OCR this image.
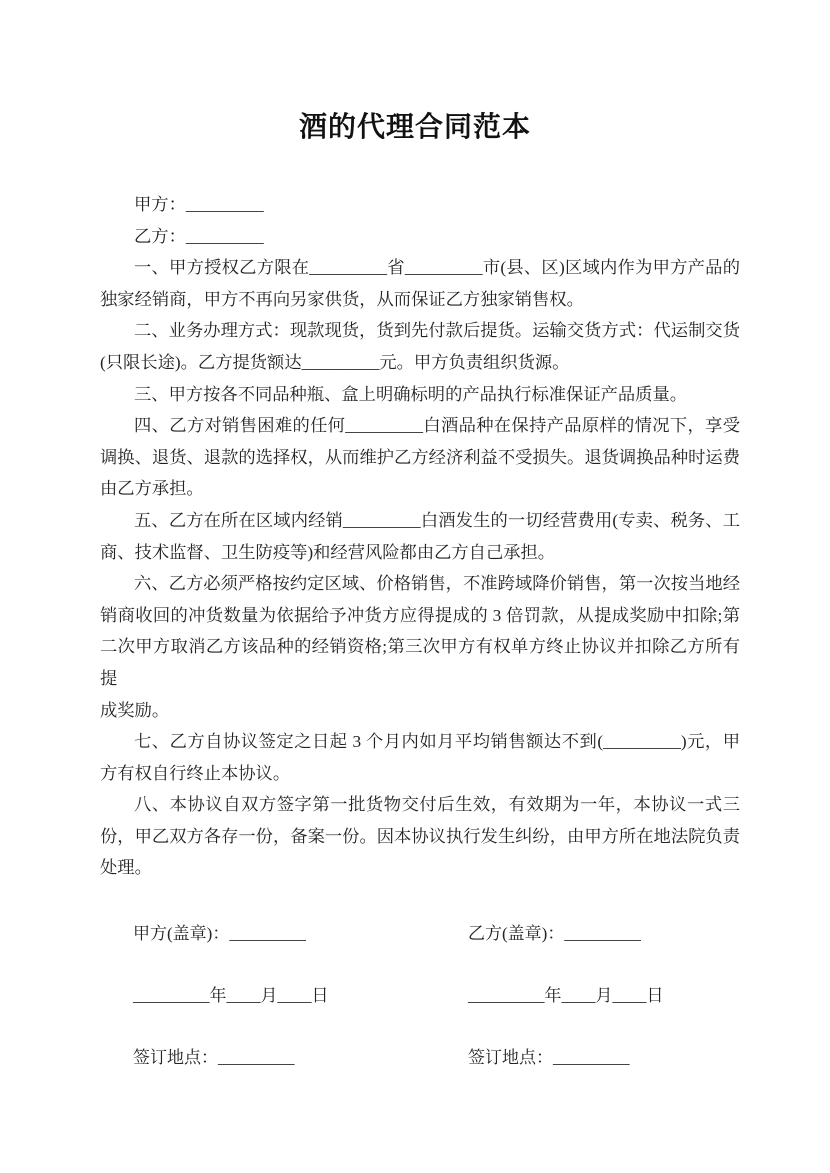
酒的代理合同范本
甲方：_________
乙方：_________
一、甲方授权乙方限在_________省_________市(县、区)区域内作为甲方产品的
独家经销商，甲方不再向另家供货，从而保证乙方独家销售权。
二、业务办理方式：现款现货，货到先付款后提货。运输交货方式：代运制交货
(只限长途)。乙方提货额达_________元。甲方负责组织货源。
三、甲方按各不同品种瓶、盒上明确标明的产品执行标准保证产品质量。
四、乙方对销售困难的任何_________白酒品种在保持产品原样的情况下，享受
调换、退货、退款的选择权，从而维护乙方经济利益不受损失。退货调换品种时运费
由乙方承担。
五、乙方在所在区域内经销_________白酒发生的一切经营费用(专卖、税务、工
商、技术监督、卫生防疫等)和经营风险都由乙方自己承担。
六、乙方必须严格按约定区域、价格销售，不准跨域降价销售，第一次按当地经
销商收回的冲货数量为依据给予冲货方应得提成的 3 倍罚款，从提成奖励中扣除;第
二次甲方取消乙方该品种的经销资格;第三次甲方有权单方终止协议并扣除乙方所有提
成奖励。
七、乙方自协议签定之日起 3 个月内如月平均销售额达不到(_________)元，甲
方有权自行终止本协议。
八、本协议自双方签字第一批货物交付后生效，有效期为一年，本协议一式三
份，甲乙双方各存一份，备案一份。因本协议执行发生纠纷，由甲方所在地法院负责
处理。
甲方(盖章)：_________	乙方(盖章)：_________
_________年____月____日	_________年____月____日
签订地点：_________	签订地点：_________
